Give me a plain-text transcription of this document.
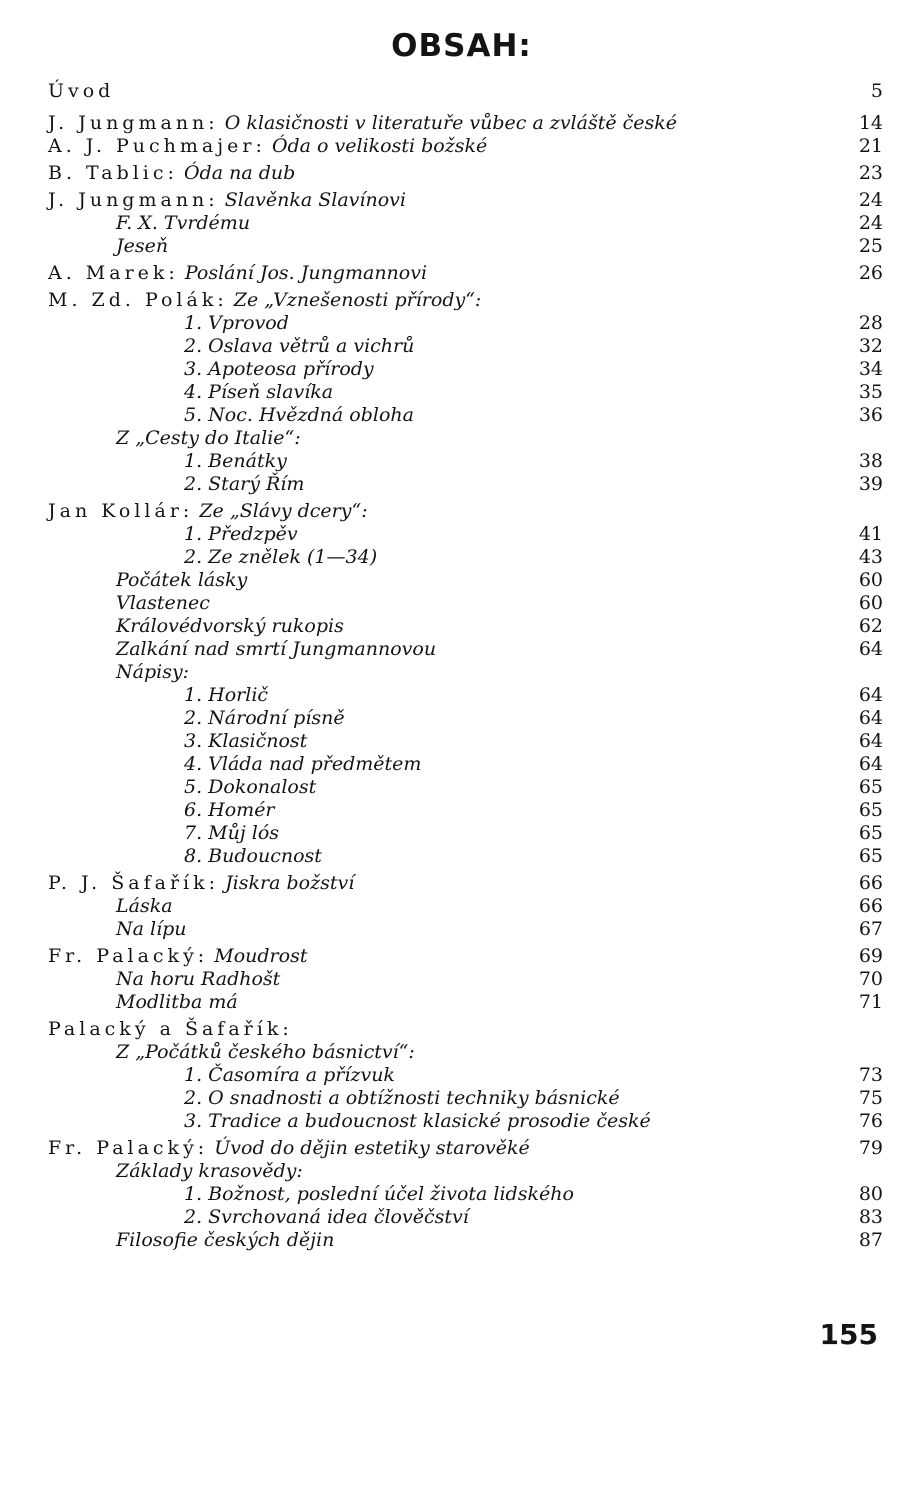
OBSAH:
Úvod	5
J. Jungmann: O klasičnosti v literatuře vůbec a zvláště české	14
A. J. Puchmajer: Óda o velikosti božské	21
B. Tablic: Óda na dub	23
J. Jungmann: Slavěnka Slavínovi	24
F. X. Tvrdému	24
Jeseň	25
A. Marek: Poslání Jos. Jungmannovi	26
M. Zd. Polák: Ze „Vznešenosti přírody“:
1. Vprovod	28
2. Oslava větrů a vichrů	32
3. Apoteosa přírody	34
4. Píseň slavíka	35
5. Noc. Hvězdná obloha	36
Z „Cesty do Italie“:
1. Benátky	38
2. Starý Řím	39
Jan Kollár: Ze „Slávy dcery“:
1. Předzpěv	41
2. Ze znělek (1—34)	43
Počátek lásky	60
Vlastenec	60
Královédvorský rukopis	62
Zalkání nad smrtí Jungmannovou	64
Nápisy:
1. Horlič	64
2. Národní písně	64
3. Klasičnost	64
4. Vláda nad předmětem	64
5. Dokonalost	65
6. Homér	65
7. Můj lós	65
8. Budoucnost	65
P. J. Šafařík: Jiskra božství	66
Láska	66
Na lípu	67
Fr. Palacký: Moudrost	69
Na horu Radhošt	70
Modlitba má	71
Palacký a Šafařík:
Z „Počátků českého básnictví“:
1. Časomíra a přízvuk	73
2. O snadnosti a obtížnosti techniky básnické	75
3. Tradice a budoucnost klasické prosodie české	76
Fr. Palacký: Úvod do dějin estetiky starověké	79
Základy krasovědy:
1. Božnost, poslední účel života lidského	80
2. Svrchovaná idea člověčství	83
Filosofie českých dějin	87
155
